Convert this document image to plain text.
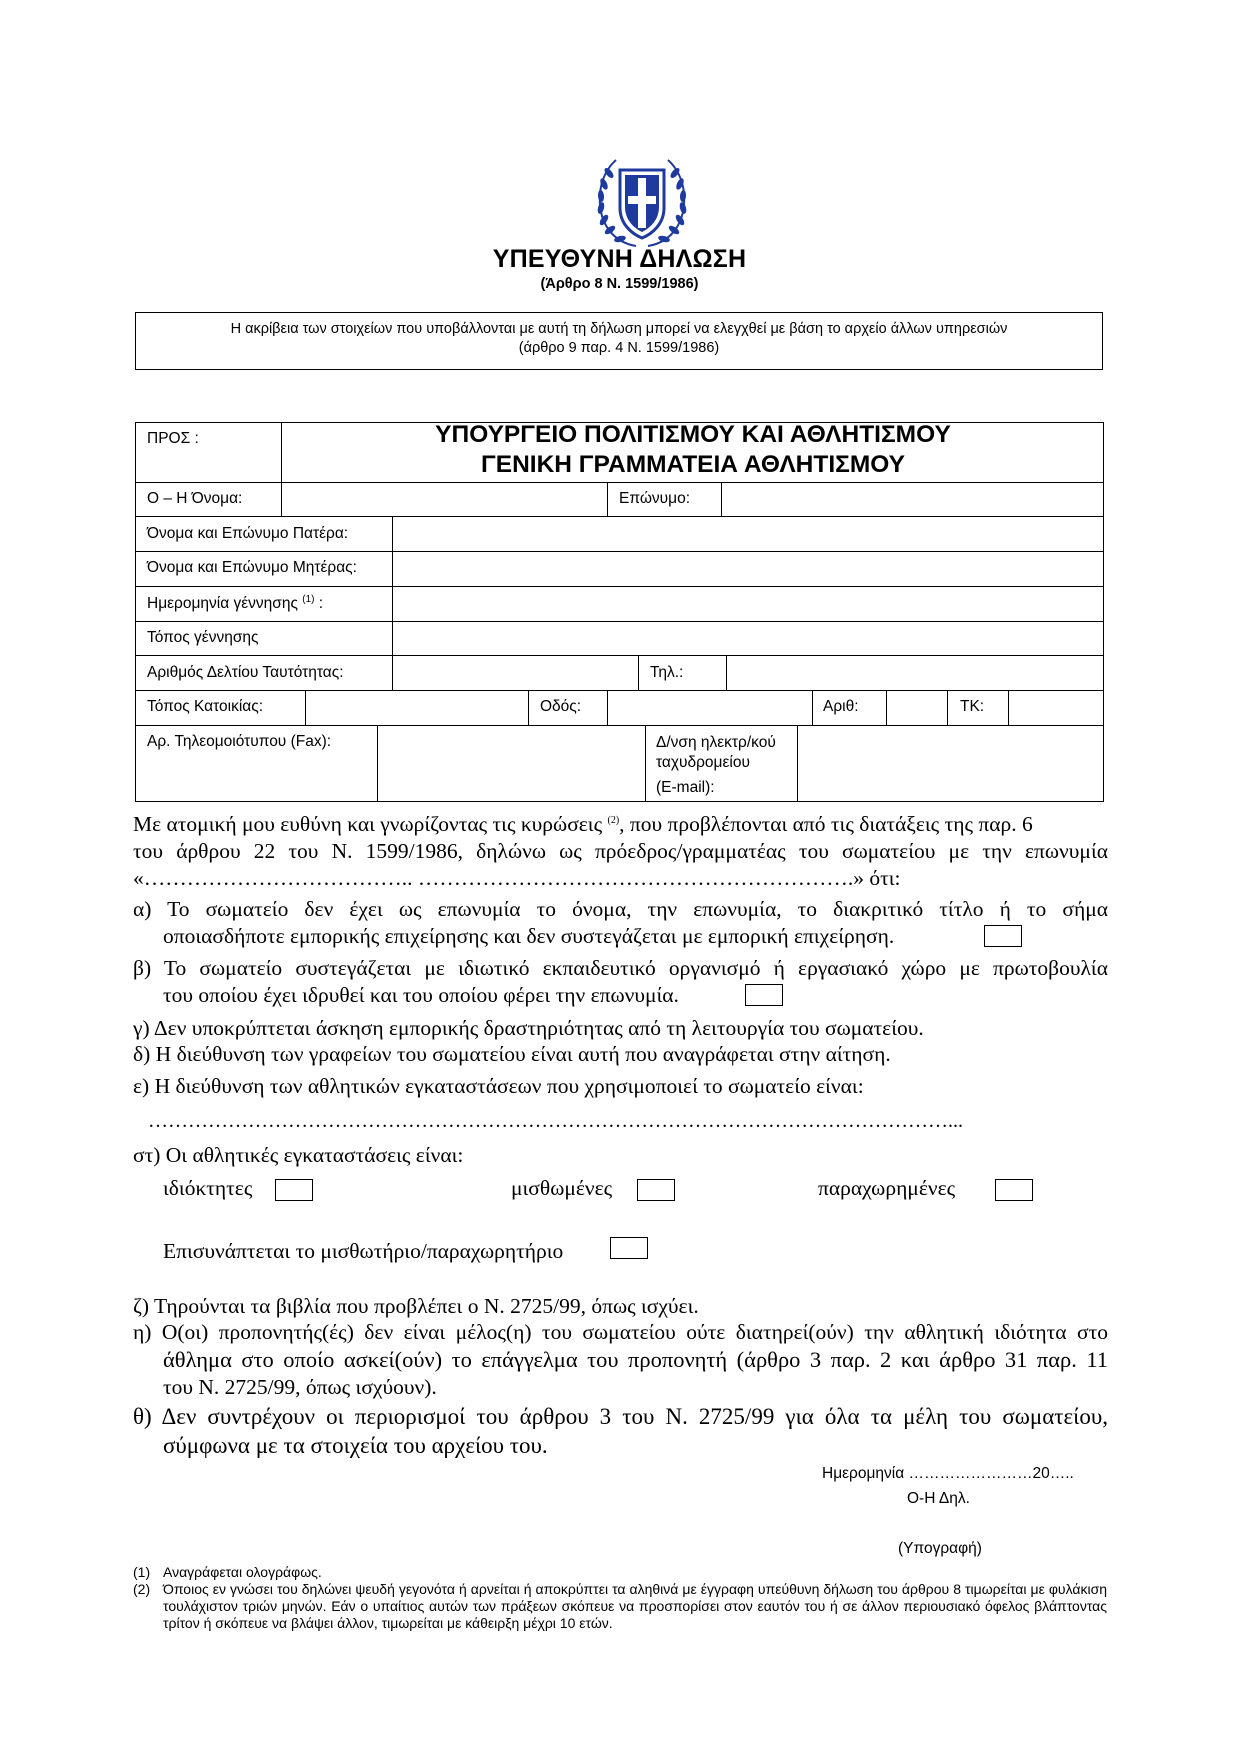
ΥΠΕΥΘΥΝΗ ΔΗΛΩΣΗ
(Άρθρο 8 Ν. 1599/1986)
Η ακρίβεια των στοιχείων που υποβάλλονται με αυτή τη δήλωση μπορεί να ελεγχθεί με βάση το αρχείο άλλων υπηρεσιών
(άρθρο 9 παρ. 4 Ν. 1599/1986)
ΠΡΟΣ :	ΥΠΟΥΡΓΕΙΟ ΠΟΛΙΤΙΣΜΟΥ ΚΑΙ ΑΘΛΗΤΙΣΜΟΥ
ΓΕΝΙΚΗ ΓΡΑΜΜΑΤΕΙΑ ΑΘΛΗΤΙΣΜΟΥ
Ο – Η Όνομα:	Επώνυμο:
Όνομα και Επώνυμο Πατέρα:
Όνομα και Επώνυμο Μητέρας:
Ημερομηνία γέννησης $^{(1)}$ :
Τόπος γέννησης
Αριθμός Δελτίου Ταυτότητας:	Τηλ.:
Τόπος Κατοικίας:	Οδός:	Αριθ:	ΤΚ:
Αρ. Τηλεομοιότυπου (Fax):	Δ/νση ηλεκτρ/κού
ταχυδρομείου
(E-mail):
Με ατομική μου ευθύνη και γνωρίζοντας τις κυρώσεις $^{(2)}$, που προβλέπονται από τις διατάξεις της παρ. 6
του άρθρου 22 του Ν. 1599/1986, δηλώνω ως πρόεδρος/γραμματέας του σωματείου με την επωνυμία
«……………………………….. …………………………………………………….» ότι:
α) Το σωματείο δεν έχει ως επωνυμία το όνομα, την επωνυμία, το διακριτικό τίτλο ή το σήμα
οποιασδήποτε εμπορικής επιχείρησης και δεν συστεγάζεται με εμπορική επιχείρηση.
β) Το σωματείο συστεγάζεται με ιδιωτικό εκπαιδευτικό οργανισμό ή εργασιακό χώρο με πρωτοβουλία
του οποίου έχει ιδρυθεί και του οποίου φέρει την επωνυμία.
γ) Δεν υποκρύπτεται άσκηση εμπορικής δραστηριότητας από τη λειτουργία του σωματείου.
δ) Η διεύθυνση των γραφείων του σωματείου είναι αυτή που αναγράφεται στην αίτηση.
ε) Η διεύθυνση των αθλητικών εγκαταστάσεων που χρησιμοποιεί το σωματείο είναι:
…………………………………………………………………………………………………………...
στ) Οι αθλητικές εγκαταστάσεις είναι:
ιδιόκτητες	μισθωμένες	παραχωρημένες
Επισυνάπτεται το μισθωτήριο/παραχωρητήριο
ζ) Τηρούνται τα βιβλία που προβλέπει ο Ν. 2725/99, όπως ισχύει.
η) Ο(οι) προπονητής(ές) δεν είναι μέλος(η) του σωματείου ούτε διατηρεί(ούν) την αθλητική ιδιότητα στο
άθλημα στο οποίο ασκεί(ούν) το επάγγελμα του προπονητή (άρθρο 3 παρ. 2 και άρθρο 31 παρ. 11
του Ν. 2725/99, όπως ισχύουν).
θ) Δεν συντρέχουν οι περιορισμοί του άρθρου 3 του Ν. 2725/99 για όλα τα μέλη του σωματείου,
σύμφωνα με τα στοιχεία του αρχείου του.
Ημερομηνία ……………………20…..
Ο-Η Δηλ.
(Υπογραφή)
(1) Αναγράφεται ολογράφως.
(2) Όποιος εν γνώσει του δηλώνει ψευδή γεγονότα ή αρνείται ή αποκρύπτει τα αληθινά με έγγραφη υπεύθυνη δήλωση του άρθρου 8 τιμωρείται με φυλάκιση τουλάχιστον τριών μηνών. Εάν ο υπαίτιος αυτών των πράξεων σκόπευε να προσπορίσει στον εαυτόν του ή σε άλλον περιουσιακό όφελος βλάπτοντας τρίτον ή σκόπευε να βλάψει άλλον, τιμωρείται με κάθειρξη μέχρι 10 ετών.
